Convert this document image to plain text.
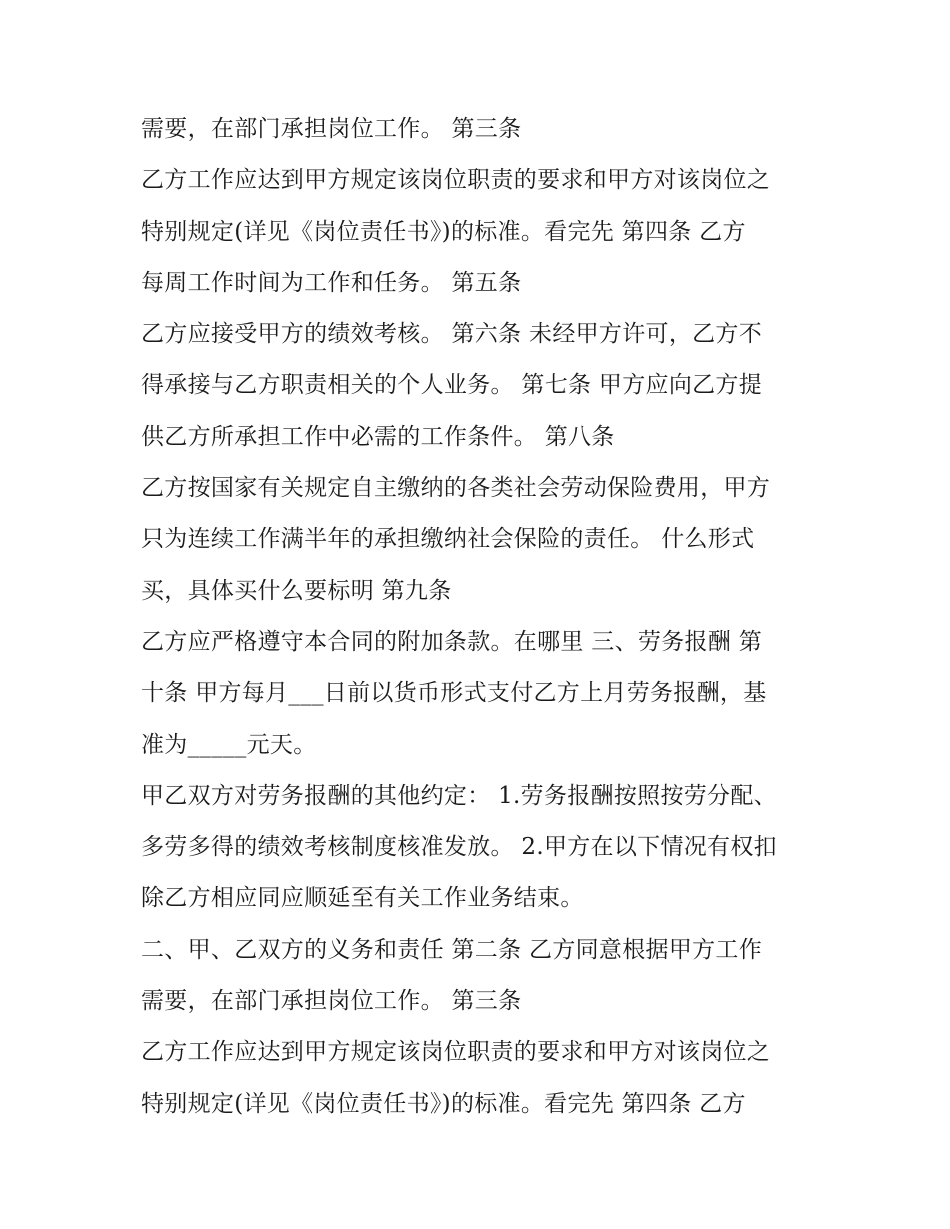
需要，在部门承担岗位工作。 第三条
乙方工作应达到甲方规定该岗位职责的要求和甲方对该岗位之
特别规定(详见《岗位责任书》)的标准。看完先 第四条 乙方
每周工作时间为工作和任务。 第五条
乙方应接受甲方的绩效考核。 第六条 未经甲方许可，乙方不
得承接与乙方职责相关的个人业务。 第七条 甲方应向乙方提
供乙方所承担工作中必需的工作条件。 第八条
乙方按国家有关规定自主缴纳的各类社会劳动保险费用，甲方
只为连续工作满半年的承担缴纳社会保险的责任。 什么形式
买，具体买什么要标明 第九条
乙方应严格遵守本合同的附加条款。在哪里 三、劳务报酬 第
十条 甲方每月___日前以货币形式支付乙方上月劳务报酬，基
准为_____元天。
甲乙双方对劳务报酬的其他约定： 1.劳务报酬按照按劳分配、
多劳多得的绩效考核制度核准发放。 2.甲方在以下情况有权扣
除乙方相应同应顺延至有关工作业务结束。
二、甲、乙双方的义务和责任 第二条 乙方同意根据甲方工作
需要，在部门承担岗位工作。 第三条
乙方工作应达到甲方规定该岗位职责的要求和甲方对该岗位之
特别规定(详见《岗位责任书》)的标准。看完先 第四条 乙方
